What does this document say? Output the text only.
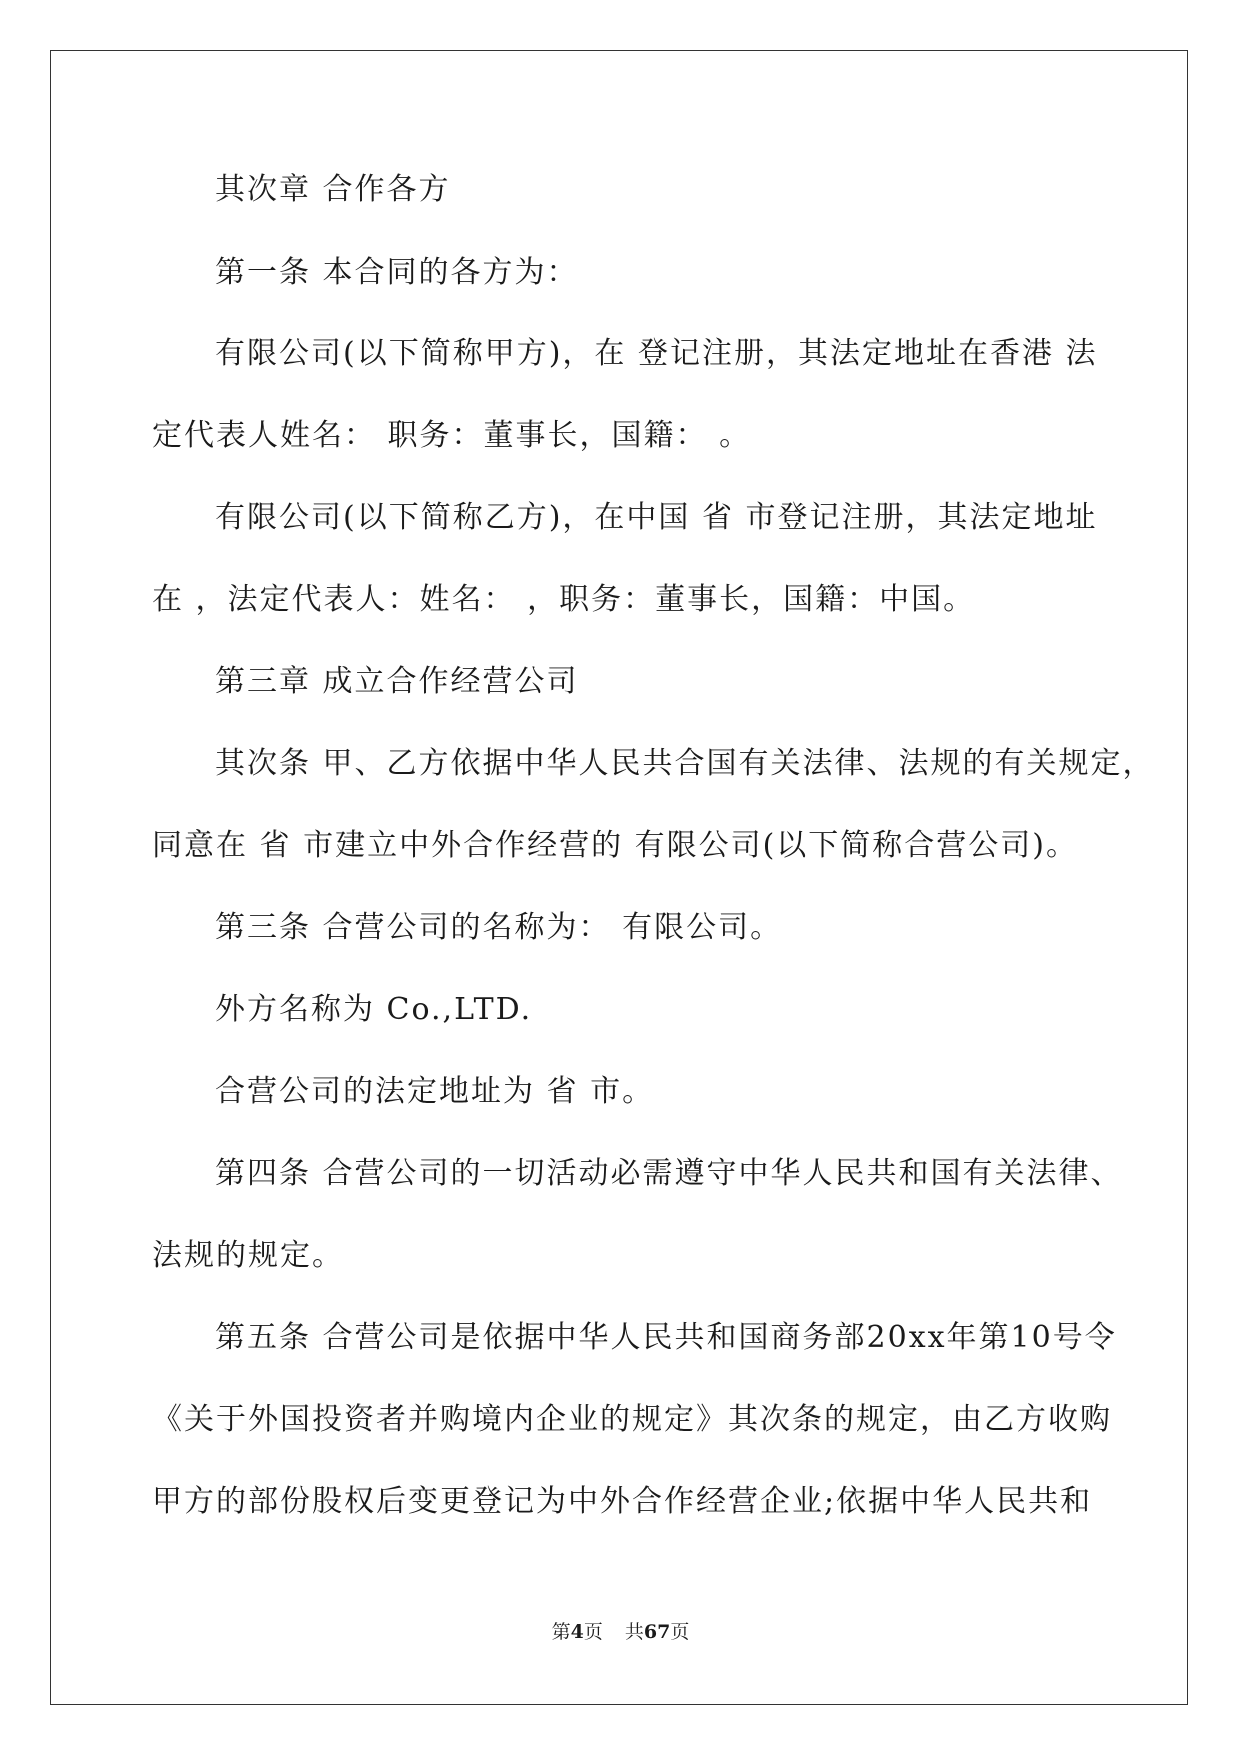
其次章 合作各方
第一条 本合同的各方为：
有限公司(以下简称甲方)，在 登记注册，其法定地址在香港 法
定代表人姓名： 职务：董事长，国籍： 。
有限公司(以下简称乙方)，在中国 省 市登记注册，其法定地址
在 ，法定代表人：姓名： ，职务：董事长，国籍：中国。
第三章 成立合作经营公司
其次条 甲、乙方依据中华人民共合国有关法律、法规的有关规定，
同意在 省 市建立中外合作经营的 有限公司(以下简称合营公司)。
第三条 合营公司的名称为： 有限公司。
外方名称为 Co.,LTD.
合营公司的法定地址为 省 市。
第四条 合营公司的一切活动必需遵守中华人民共和国有关法律、
法规的规定。
第五条 合营公司是依据中华人民共和国商务部20xx年第10号令
《关于外国投资者并购境内企业的规定》其次条的规定，由乙方收购
甲方的部份股权后变更登记为中外合作经营企业;依据中华人民共和
第4页 共67页
